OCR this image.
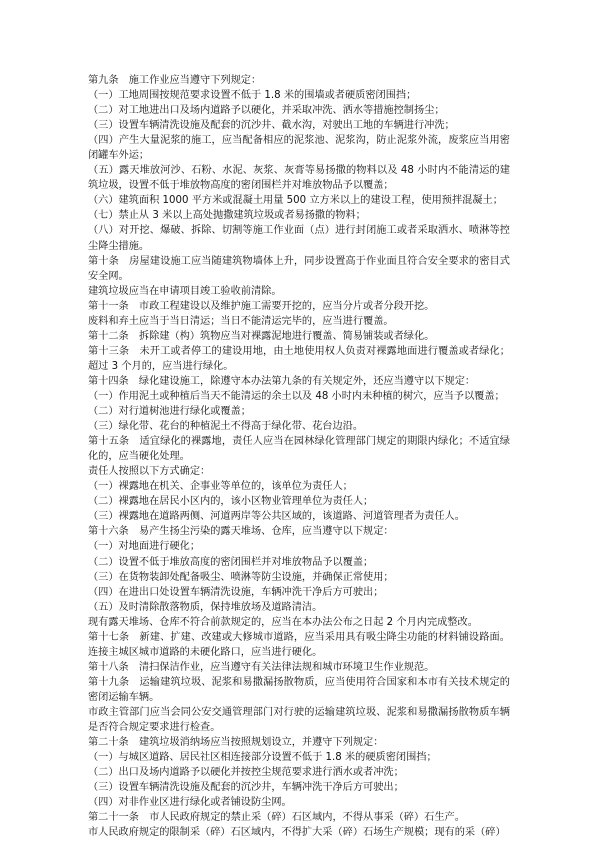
第九条　施工作业应当遵守下列规定：

（一）工地周围按规范要求设置不低于 1.8 米的围墙或者硬质密闭围挡；

（二）对工地进出口及场内道路予以硬化，并采取冲洗、洒水等措施控制扬尘；

（三）设置车辆清洗设施及配套的沉沙井、截水沟，对驶出工地的车辆进行冲洗；

（四）产生大量泥浆的施工，应当配备相应的泥浆池、泥浆沟，防止泥浆外流，废浆应当用密闭罐车外运；

（五）露天堆放河沙、石粉、水泥、灰浆、灰膏等易扬撒的物料以及 48 小时内不能清运的建筑垃圾，设置不低于堆放物高度的密闭围栏并对堆放物品予以覆盖；

（六）建筑面积 1000 平方米或混凝土用量 500 立方米以上的建设工程，使用预拌混凝土；

（七）禁止从 3 米以上高处抛撒建筑垃圾或者易扬撒的物料；

（八）对开挖、爆破、拆除、切割等施工作业面（点）进行封闭施工或者采取洒水、喷淋等控尘降尘措施。

第十条　房屋建设施工应当随建筑物墙体上升，同步设置高于作业面且符合安全要求的密目式安全网。

建筑垃圾应当在申请项目竣工验收前清除。

第十一条　市政工程建设以及维护施工需要开挖的，应当分片或者分段开挖。

废料和弃土应当于当日清运；当日不能清运完毕的，应当进行覆盖。

第十二条　拆除建（构）筑物应当对裸露泥地进行覆盖、简易铺装或者绿化。

第十三条　未开工或者停工的建设用地，由土地使用权人负责对裸露地面进行覆盖或者绿化；超过 3 个月的，应当进行绿化。

第十四条　绿化建设施工，除遵守本办法第九条的有关规定外，还应当遵守以下规定：

（一）作用泥土或种植后当天不能清运的余土以及 48 小时内未种植的树穴，应当予以覆盖；

（二）对行道树池进行绿化或覆盖；

（三）绿化带、花台的种植泥土不得高于绿化带、花台边沿。

第十五条　适宜绿化的裸露地，责任人应当在园林绿化管理部门规定的期限内绿化；不适宜绿化的，应当硬化处理。

责任人按照以下方式确定：

（一）裸露地在机关、企事业等单位的，该单位为责任人；

（二）裸露地在居民小区内的，该小区物业管理单位为责任人；

（三）裸露地在道路两侧、河道两岸等公共区域的，该道路、河道管理者为责任人。

第十六条　易产生扬尘污染的露天堆场、仓库，应当遵守以下规定：

（一）对地面进行硬化；

（二）设置不低于堆放高度的密闭围栏并对堆放物品予以覆盖；

（三）在货物装卸处配备吸尘、喷淋等防尘设施，并确保正常使用；

（四）在进出口处设置车辆清洗设施，车辆冲洗干净后方可驶出；

（五）及时清除散落物质，保持堆放场及道路清洁。

现有露天堆场、仓库不符合前款规定的，应当在本办法公布之日起 2 个月内完成整改。

第十七条　新建、扩建、改建或大修城市道路，应当采用具有吸尘降尘功能的材料铺设路面。连接主城区城市道路的未硬化路口，应当进行硬化。

第十八条　清扫保洁作业，应当遵守有关法律法规和城市环境卫生作业规范。

第十九条　运输建筑垃圾、泥浆和易撒漏扬散物质，应当使用符合国家和本市有关技术规定的密闭运输车辆。

市政主管部门应当会同公安交通管理部门对行驶的运输建筑垃圾、泥浆和易撒漏扬散物质车辆是否符合规定要求进行检查。

第二十条　建筑垃圾消纳场应当按照规划设立，并遵守下列规定：

（一）与城区道路、居民社区相连接部分设置不低于 1.8 米的硬质密闭围挡；

（二）出口及场内道路予以硬化并按控尘规范要求进行洒水或者冲洗；

（三）设置车辆清洗设施及配套的沉沙井，车辆冲洗干净后方可驶出；

（四）对非作业区进行绿化或者铺设防尘网。

第二十一条　市人民政府规定的禁止采（碎）石区域内，不得从事采（碎）石生产。

市人民政府规定的限制采（碎）石区域内，不得扩大采（碎）石场生产规模；现有的采（碎）
